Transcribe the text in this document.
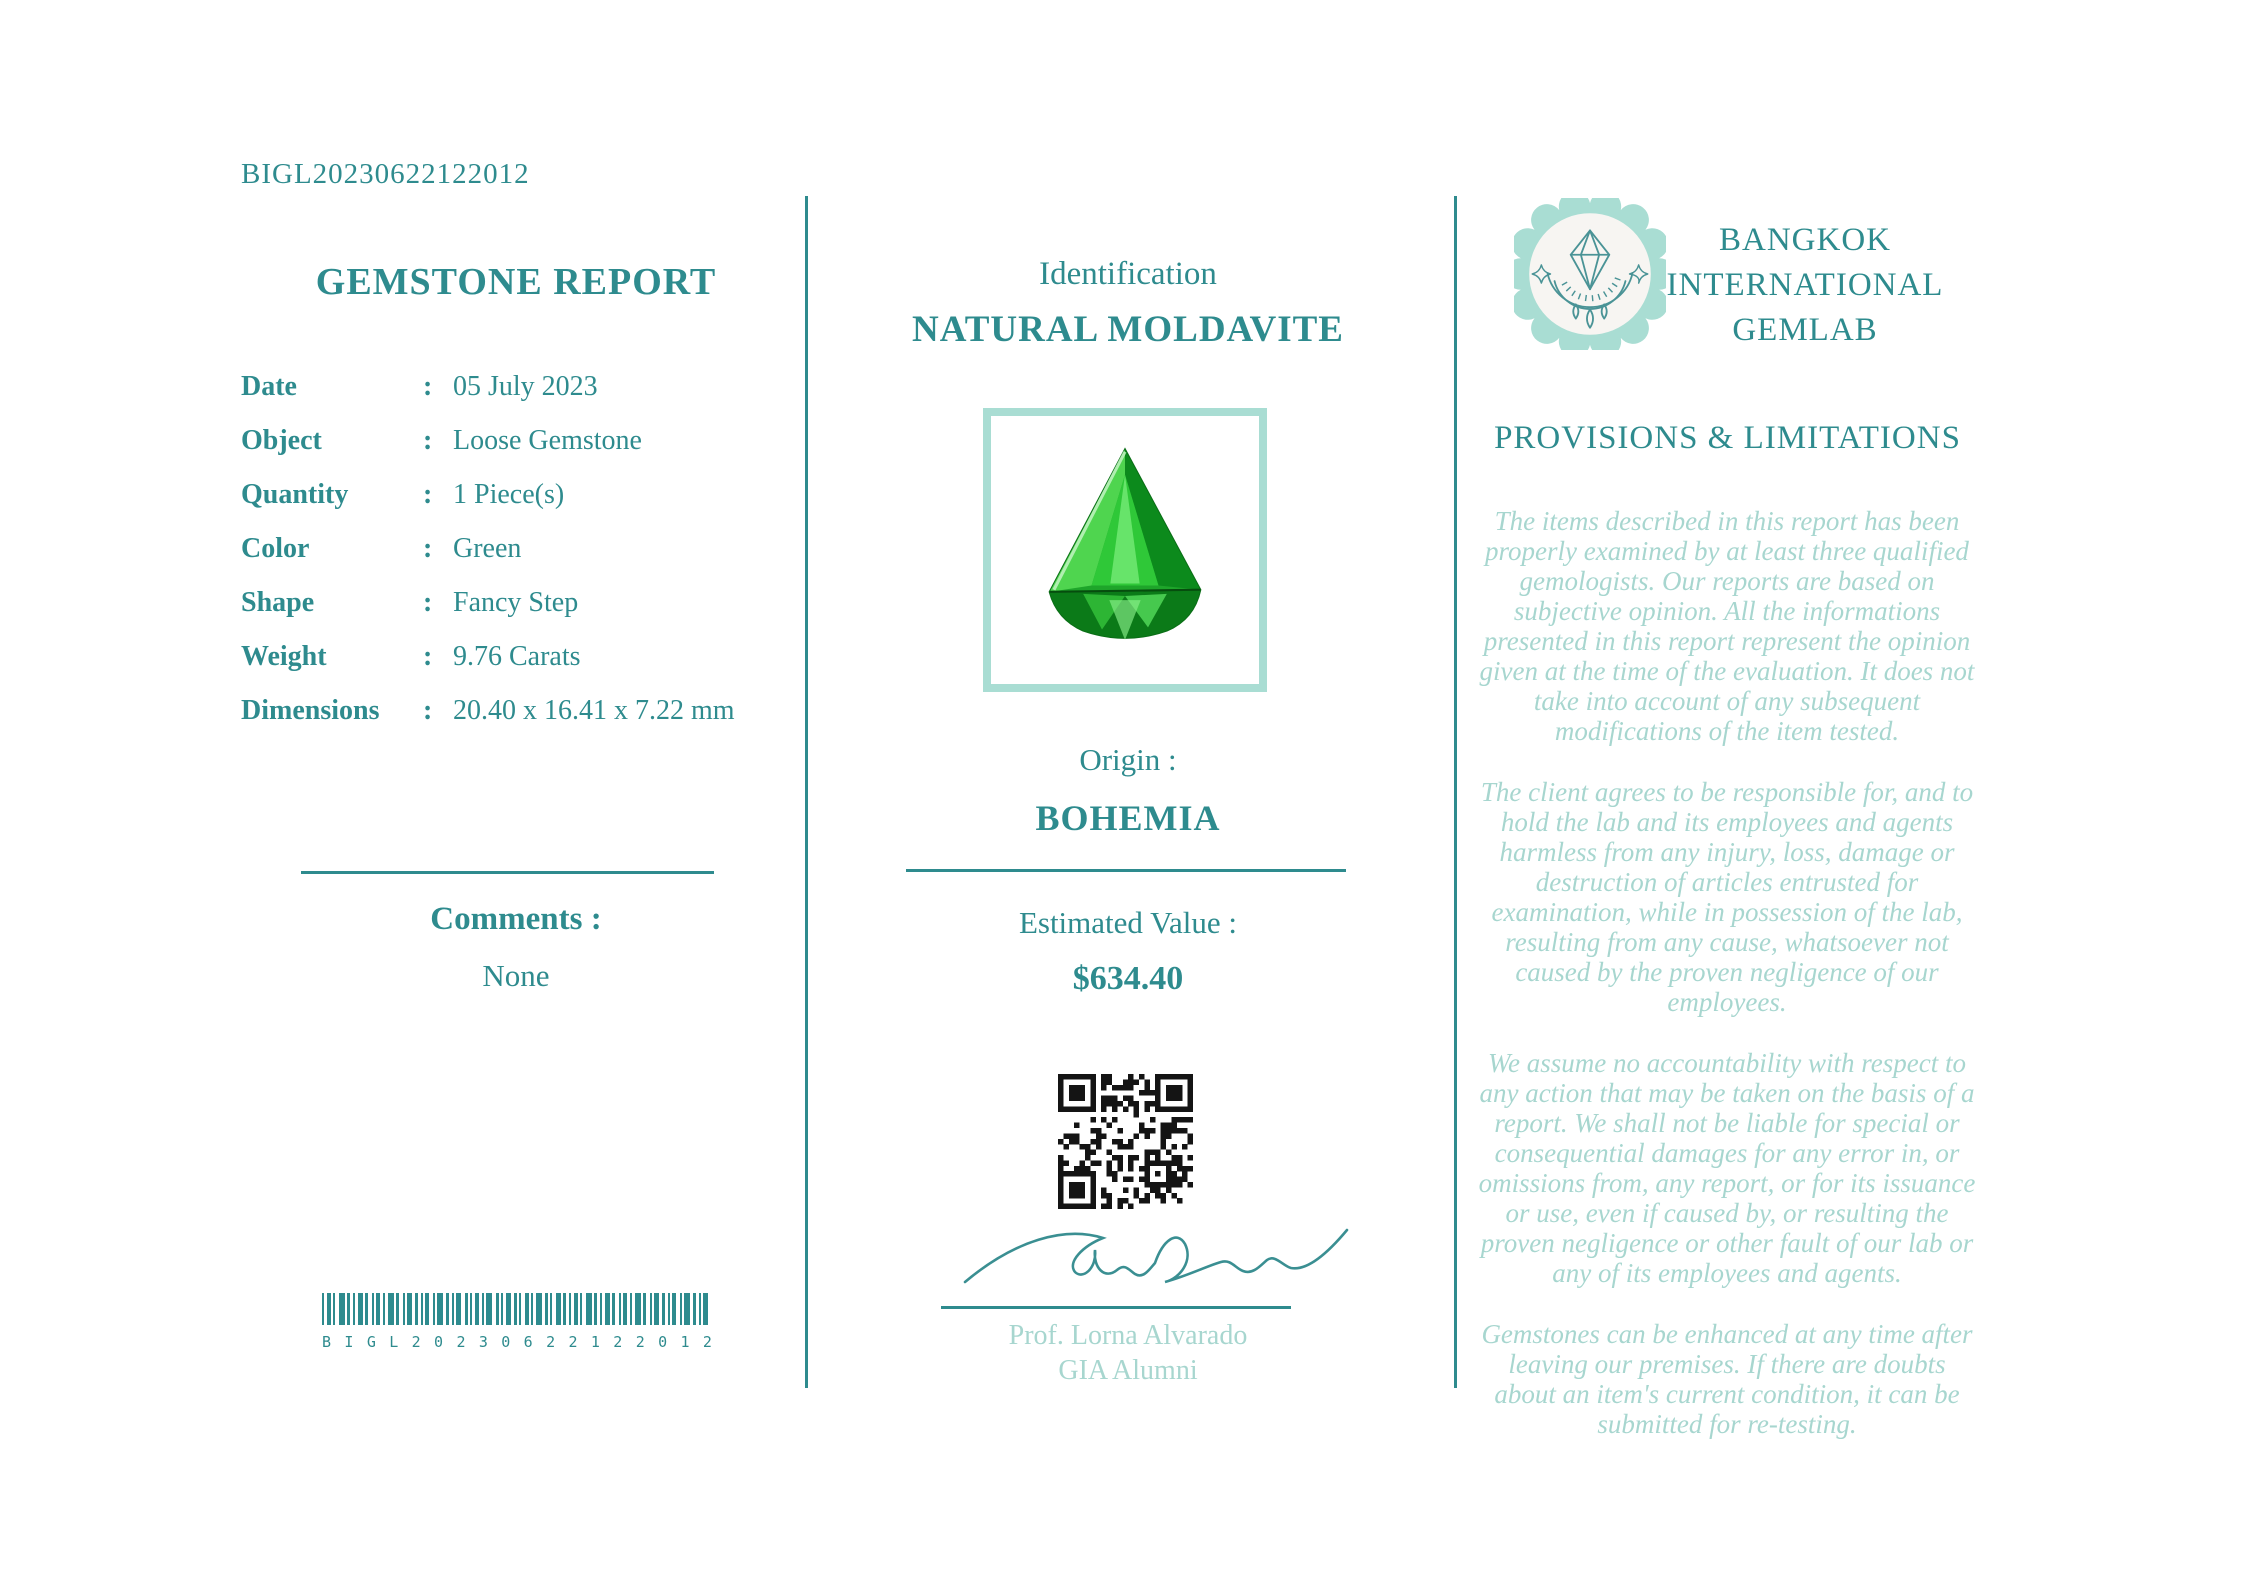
BIGL20230622122012
GEMSTONE REPORT
Date	: 05 July 2023
Object	: Loose Gemstone
Quantity	: 1 Piece(s)
Color	: Green
Shape	: Fancy Step
Weight	: 9.76 Carats
Dimensions	: 20.40 x 16.41 x 7.22 mm
Comments :
None
B I G L 2 0 2 3 0 6 2 2 1 2 2 0 1 2
Identification
NATURAL MOLDAVITE
Origin :
BOHEMIA
Estimated Value :
$634.40
Prof. Lorna Alvarado
GIA Alumni
BANGKOK
INTERNATIONAL
GEMLAB
PROVISIONS & LIMITATIONS

The items described in this report has been properly examined by at least three qualified gemologists. Our reports are based on subjective opinion. All the informations presented in this report represent the opinion given at the time of the evaluation. It does not take into account of any subsequent modifications of the item tested.

The client agrees to be responsible for, and to hold the lab and its employees and agents harmless from any injury, loss, damage or destruction of articles entrusted for examination, while in possession of the lab, resulting from any cause, whatsoever not caused by the proven negligence of our employees.

We assume no accountability with respect to any action that may be taken on the basis of a report. We shall not be liable for special or consequential damages for any error in, or omissions from, any report, or for its issuance or use, even if caused by, or resulting the proven negligence or other fault of our lab or any of its employees and agents.

Gemstones can be enhanced at any time after leaving our premises. If there are doubts about an item's current condition, it can be submitted for re-testing.
